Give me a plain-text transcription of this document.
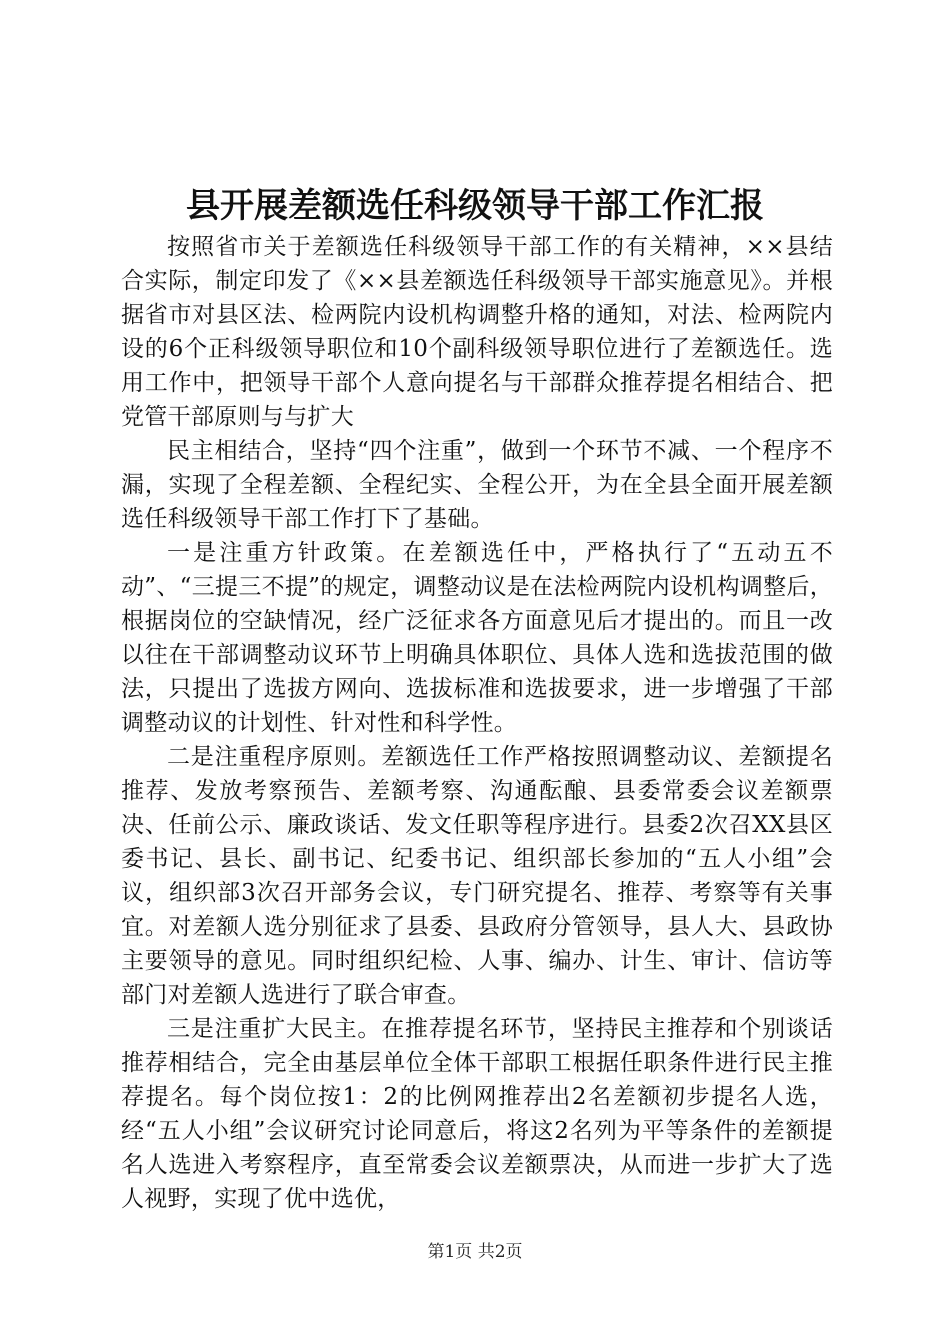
县开展差额选任科级领导干部工作汇报

按照省市关于差额选任科级领导干部工作的有关精神，××县结合实际，制定印发了《××县差额选任科级领导干部实施意见》。并根据省市对县区法、检两院内设机构调整升格的通知，对法、检两院内设的6个正科级领导职位和10个副科级领导职位进行了差额选任。选用工作中，把领导干部个人意向提名与干部群众推荐提名相结合、把党管干部原则与与扩大

民主相结合，坚持“四个注重”，做到一个环节不减、一个程序不漏，实现了全程差额、全程纪实、全程公开，为在全县全面开展差额选任科级领导干部工作打下了基础。

一是注重方针政策。在差额选任中，严格执行了“五动五不动”、“三提三不提”的规定，调整动议是在法检两院内设机构调整后，根据岗位的空缺情况，经广泛征求各方面意见后才提出的。而且一改以往在干部调整动议环节上明确具体职位、具体人选和选拔范围的做法，只提出了选拔方网向、选拔标准和选拔要求，进一步增强了干部调整动议的计划性、针对性和科学性。

二是注重程序原则。差额选任工作严格按照调整动议、差额提名推荐、发放考察预告、差额考察、沟通酝酿、县委常委会议差额票决、任前公示、廉政谈话、发文任职等程序进行。县委2次召XX县区委书记、县长、副书记、纪委书记、组织部长参加的“五人小组”会议，组织部3次召开部务会议，专门研究提名、推荐、考察等有关事宜。对差额人选分别征求了县委、县政府分管领导，县人大、县政协主要领导的意见。同时组织纪检、人事、编办、计生、审计、信访等部门对差额人选进行了联合审查。

三是注重扩大民主。在推荐提名环节，坚持民主推荐和个别谈话推荐相结合，完全由基层单位全体干部职工根据任职条件进行民主推荐提名。每个岗位按1：2的比例网推荐出2名差额初步提名人选，经“五人小组”会议研究讨论同意后，将这2名列为平等条件的差额提名人选进入考察程序，直至常委会议差额票决，从而进一步扩大了选人视野，实现了优中选优，

第1页 共2页
